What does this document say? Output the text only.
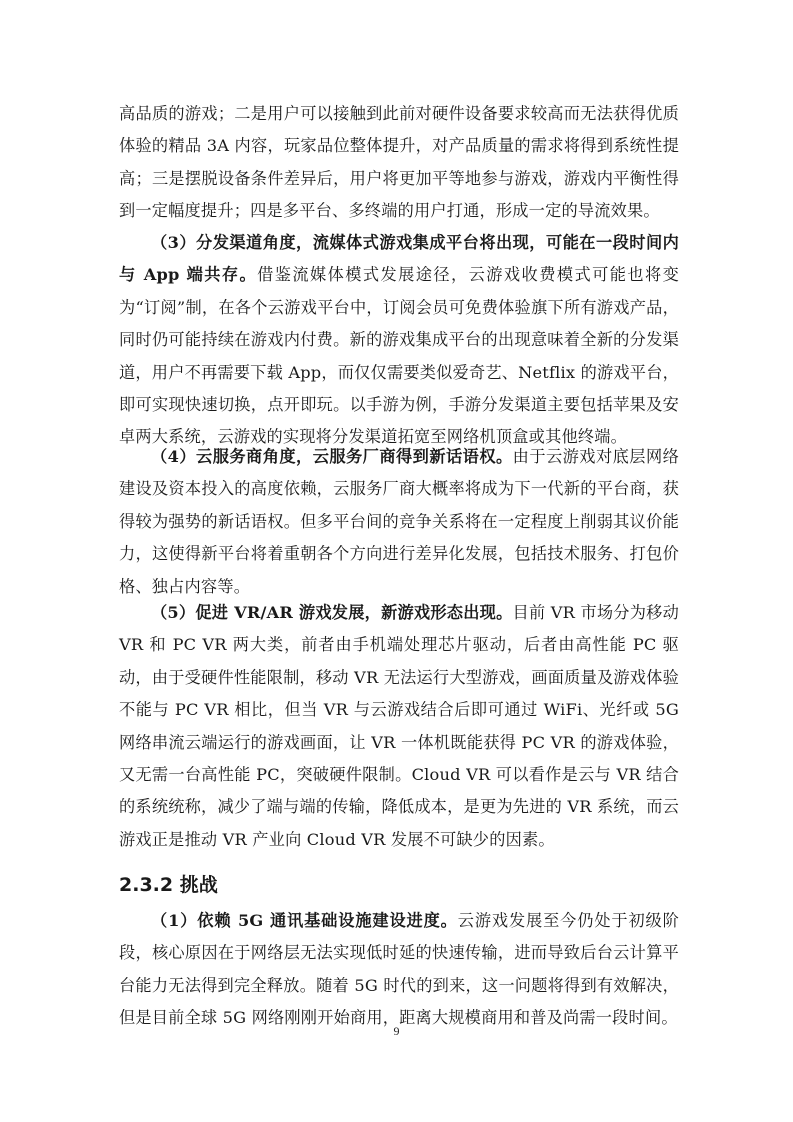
高品质的游戏；二是用户可以接触到此前对硬件设备要求较高而无法获得优质体验的精品 3A 内容，玩家品位整体提升，对产品质量的需求将得到系统性提高；三是摆脱设备条件差异后，用户将更加平等地参与游戏，游戏内平衡性得到一定幅度提升；四是多平台、多终端的用户打通，形成一定的导流效果。

（3）分发渠道角度，流媒体式游戏集成平台将出现，可能在一段时间内与 App 端共存。借鉴流媒体模式发展途径，云游戏收费模式可能也将变为“订阅”制，在各个云游戏平台中，订阅会员可免费体验旗下所有游戏产品，同时仍可能持续在游戏内付费。新的游戏集成平台的出现意味着全新的分发渠道，用户不再需要下载 App，而仅仅需要类似爱奇艺、Netflix 的游戏平台，即可实现快速切换，点开即玩。以手游为例，手游分发渠道主要包括苹果及安卓两大系统，云游戏的实现将分发渠道拓宽至网络机顶盒或其他终端。

（4）云服务商角度，云服务厂商得到新话语权。由于云游戏对底层网络建设及资本投入的高度依赖，云服务厂商大概率将成为下一代新的平台商，获得较为强势的新话语权。但多平台间的竞争关系将在一定程度上削弱其议价能力，这使得新平台将着重朝各个方向进行差异化发展，包括技术服务、打包价格、独占内容等。

（5）促进 VR/AR 游戏发展，新游戏形态出现。目前 VR 市场分为移动 VR 和 PC VR 两大类，前者由手机端处理芯片驱动，后者由高性能 PC 驱动，由于受硬件性能限制，移动 VR 无法运行大型游戏，画面质量及游戏体验不能与 PC VR 相比，但当 VR 与云游戏结合后即可通过 WiFi、光纤或 5G 网络串流云端运行的游戏画面，让 VR 一体机既能获得 PC VR 的游戏体验，又无需一台高性能 PC，突破硬件限制。Cloud VR 可以看作是云与 VR 结合的系统统称，减少了端与端的传输，降低成本，是更为先进的 VR 系统，而云游戏正是推动 VR 产业向 Cloud VR 发展不可缺少的因素。

2.3.2 挑战

（1）依赖 5G 通讯基础设施建设进度。云游戏发展至今仍处于初级阶段，核心原因在于网络层无法实现低时延的快速传输，进而导致后台云计算平台能力无法得到完全释放。随着 5G 时代的到来，这一问题将得到有效解决，但是目前全球 5G 网络刚刚开始商用，距离大规模商用和普及尚需一段时间。

9
